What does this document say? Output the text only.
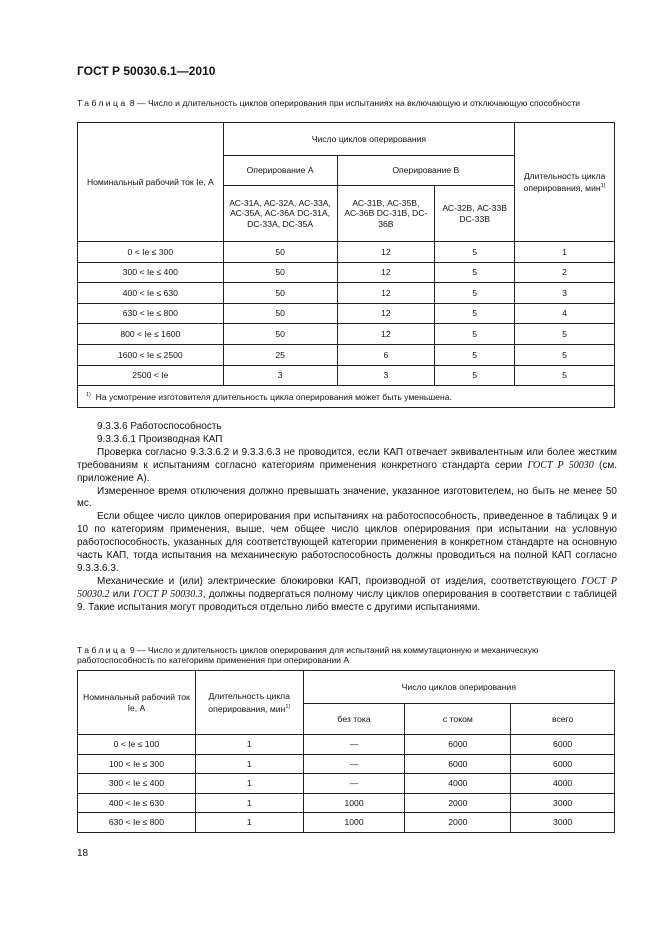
ГОСТ Р 50030.6.1—2010
Таблица 8 — Число и длительность циклов оперирования при испытаниях на включающую и отключающую способности
Номинальный рабочий ток Iе, А	Число циклов оперирования			Длительность цикла оперирования, мин$^{1)}$
	Оперирование А	Оперирование В		
	АС-31А, АС-32А, АС-33А, АС-35А, АС-36А DC-31A, DC-33A, DC-35A	АС-31В, АС-35В, АС-36В DC-31B, DC-36B	АС-32В, АС-33В DC-33B	
0 < Iе ≤ 300	50	12	5	1
300 < Iе ≤ 400	50	12	5	2
400 < Iе ≤ 630	50	12	5	3
630 < Iе ≤ 800	50	12	5	4
800 < Iе ≤ 1600	50	12	5	5
1600 < Iе ≤ 2500	25	6	5	5
2500 < Iе	3	3	5	5
$^{1)}$ На усмотрение изготовителя длительность цикла оперирования может быть уменьшена.				

9.3.3.6 Работоспособность

9.3.3.6.1 Производная КАП

Проверка согласно 9.3.3.6.2 и 9.3.3.6.3 не проводится, если КАП отвечает эквивалентным или более жестким требованиям к испытаниям согласно категориям применения конкретного стандарта серии ГОСТ Р 50030 (см. приложение А).

Измеренное время отключения должно превышать значение, указанное изготовителем, но быть не менее 50 мс.

Если общее число циклов оперирования при испытаниях на работоспособность, приведенное в таблицах 9 и 10 по категориям применения, выше, чем общее число циклов оперирования при испытании на условную работоспособность, указанных для соответствующей категории применения в конкретном стандарте на основную часть КАП, тогда испытания на механическую работоспособность должны проводиться на полной КАП согласно 9.3.3.6.3.

Механические и (или) электрические блокировки КАП, производной от изделия, соответствующего ГОСТ Р 50030.2 или ГОСТ Р 50030.3, должны подвергаться полному числу циклов оперирования в соответствии с таблицей 9. Такие испытания могут проводиться отдельно либо вместе с другими испытаниями.

Таблица 9 — Число и длительность циклов оперирования для испытаний на коммутационную и механическую работоспособность по категориям применения при оперировании А
Номинальный рабочий ток Iе, А	Длительность цикла оперирования, мин$^{1)}$	Число циклов оперирования		
		без тока	с током	всего
0 < Iе ≤ 100	1	—	6000	6000
100 < Iе ≤ 300	1	—	6000	6000
300 < Iе ≤ 400	1	—	4000	4000
400 < Iе ≤ 630	1	1000	2000	3000
630 < Iе ≤ 800	1	1000	2000	3000
18
